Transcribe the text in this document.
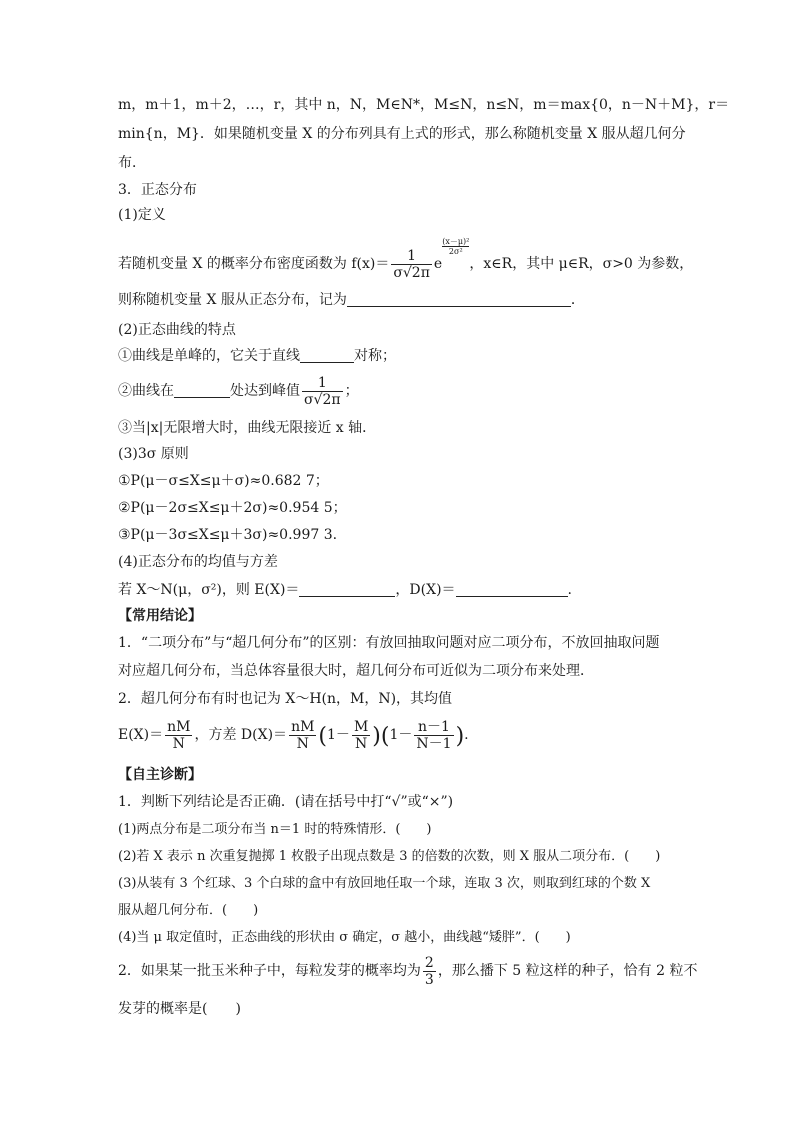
m，m＋1，m＋2，…，r，其中 n，N，M∈N*，M≤N，n≤N，m＝max{0，n－N＋M}，r＝
min{n，M}．如果随机变量 X 的分布列具有上式的形式，那么称随机变量 X 服从超几何分
布．
3．正态分布
(1)定义
若随机变量 X 的概率分布密度函数为 $f(x)= \frac{1}{\sigma√2\pi}$ e
$\frac{\text{(x－μ)²}}{\text{2σ²}}$
，x∈R，其中 μ∈R，σ>0 为参数，
则称随机变量 X 服从正态分布，记为	．
(2)正态曲线的特点
①曲线是单峰的，它关于直线	对称；
②曲线在	处达到峰值 $\frac{1}{\sigma√2\pi}$ ；
③当|x|无限增大时，曲线无限接近 x 轴．
(3)3σ 原则
①P(μ－σ≤X≤μ＋σ)≈0.682 7；
②P(μ－2σ≤X≤μ＋2σ)≈0.954 5；
③P(μ－3σ≤X≤μ＋3σ)≈0.997 3.
(4)正态分布的均值与方差
若 X～N(μ，σ²)，则 E(X)＝	，D(X)＝	.
【常用结论】
1．“二项分布”与“超几何分布”的区别：有放回抽取问题对应二项分布，不放回抽取问题
对应超几何分布，当总体容量很大时，超几何分布可近似为二项分布来处理．
2．超几何分布有时也记为 X～H(n，M，N)，其均值
$E(X)= \frac{nM}{N}$ ，方差 $D(X)= \frac{nM}{N} (1- \frac{M}{N} )(1- \frac{n-1}{N-1}$ ).
【自主诊断】
1．判断下列结论是否正确．(请在括号中打“√”或“×”)
(1)两点分布是二项分布当 n＝1 时的特殊情形．(　　)
(2)若 X 表示 n 次重复抛掷 1 枚骰子出现点数是 3 的倍数的次数，则 X 服从二项分布．(　　)
(3)从装有 3 个红球、3 个白球的盒中有放回地任取一个球，连取 3 次，则取到红球的个数 X
服从超几何分布．(　　)
(4)当 μ 取定值时，正态曲线的形状由 σ 确定，σ 越小，曲线越“矮胖”．(　　)
2．如果某一批玉米种子中，每粒发芽的概率均为 $\frac{2}{3}$ ，那么播下 5 粒这样的种子，恰有 2 粒不
发芽的概率是(　　)
